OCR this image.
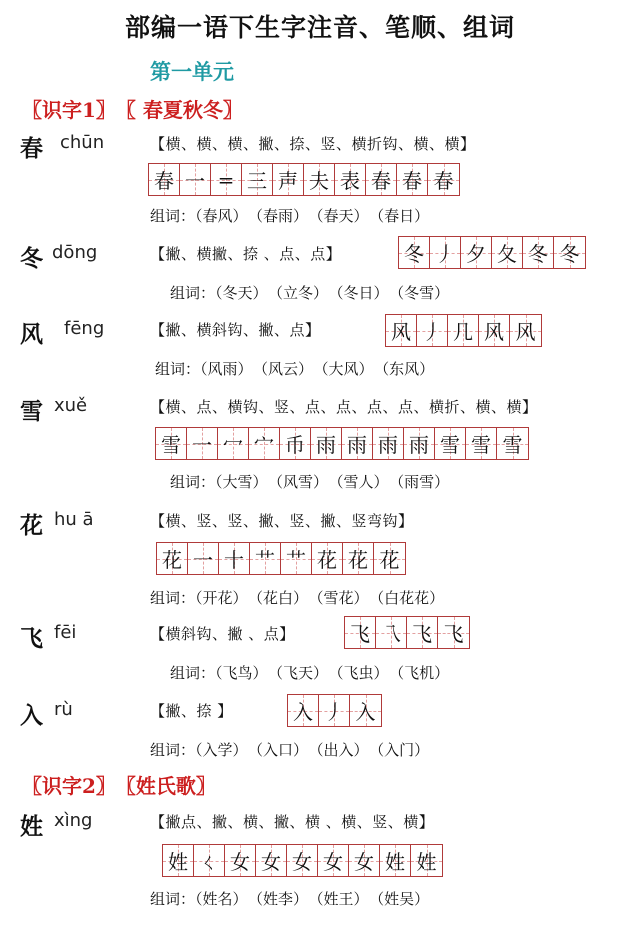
部编一语下生字注音、笔顺、组词
第一单元
〖识字1〗 〖 春夏秋冬〗
春 chūn	【横、横、横、撇、捺、竖、横折钩、横、横】
春 一 = 三 声 夫 表 春 春 春
组词：（春风） （春雨） （春天） （春日）
冬 dōng	【撇、横撇、捺 、点、点】	冬 丿 夕 夂 冬 冬
组词：（冬天） （立冬） （冬日） （冬雪）
风 fēng	【撇、横斜钩、撇、点】	风 丿 几 风 风
组词：（风雨） （风云） （大风） （东风）
雪 xuě	【横、点、横钩、竖、点、点、点、点、横折、横、横】
雪 一 冖 宀 币 雨 雨 雨 雨 雪 雪 雪
组词：（大雪） （风雪） （雪人） （雨雪）
花 hu ā	【横、竖、竖、撇、竖、撇、竖弯钩】
花 一 十 艹 艹 花 花 花
组词：（开花） （花白） （雪花） （白花花）
飞 fēi	【横斜钩、撇 、点】	飞 乁 飞 飞
组词：（飞鸟） （飞天） （飞虫） （飞机）
入 rù	【撇、捺 】	入 丿 入
组词：（入学） （入口） （出入） （入门）
〖识字2〗 〖姓氏歌〗
姓 xìng	【撇点、撇、横、撇、横 、横、竖、横】
姓 ㄑ 女 女 女 女 女 姓 姓
组词：（姓名） （姓李） （姓王） （姓吴）
